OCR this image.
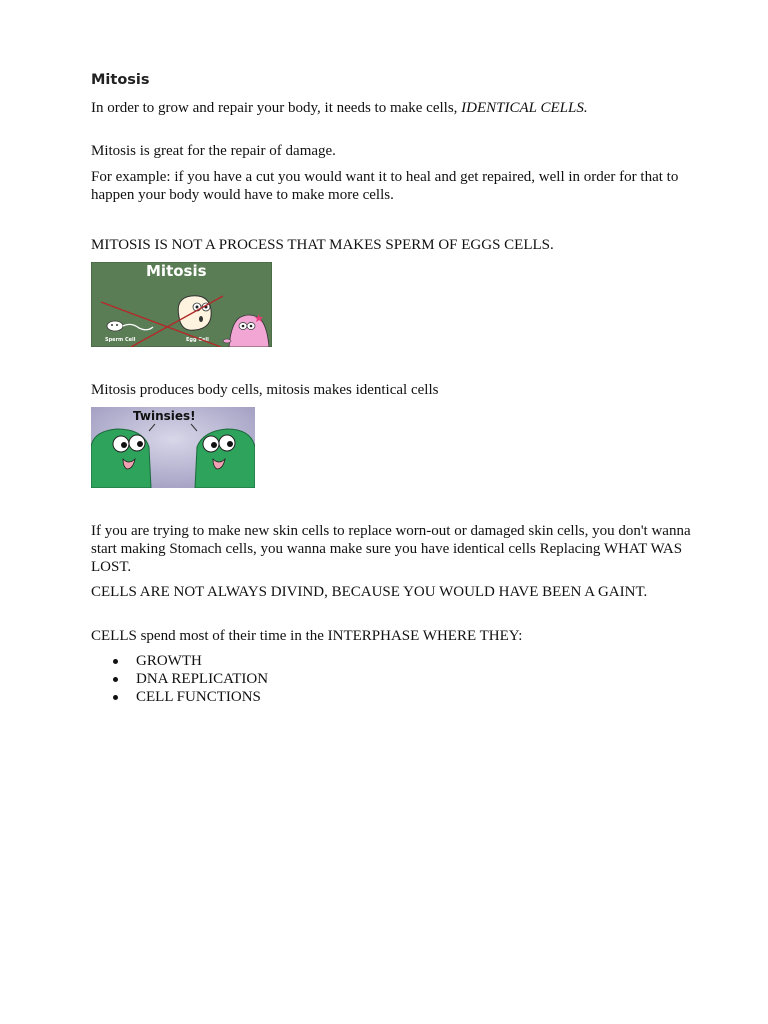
Mitosis

In order to grow and repair your body, it needs to make cells, IDENTICAL CELLS.

Mitosis is great for the repair of damage.

For example: if you have a cut you would want it to heal and get repaired, well in order for that to happen your body would have to make more cells.

MITOSIS IS NOT A PROCESS THAT MAKES SPERM OF EGGS CELLS.

Mitosis
Sperm Cell	Egg Cell

Mitosis produces body cells, mitosis makes identical cells

Twinsies!

If you are trying to make new skin cells to replace worn-out or damaged skin cells, you don't wanna start making Stomach cells, you wanna make sure you have identical cells Replacing WHAT WAS LOST.

CELLS ARE NOT ALWAYS DIVIND, BECAUSE YOU WOULD HAVE BEEN A GAINT.

CELLS spend most of their time in the INTERPHASE WHERE THEY:

GROWTH
DNA REPLICATION
CELL FUNCTIONS
